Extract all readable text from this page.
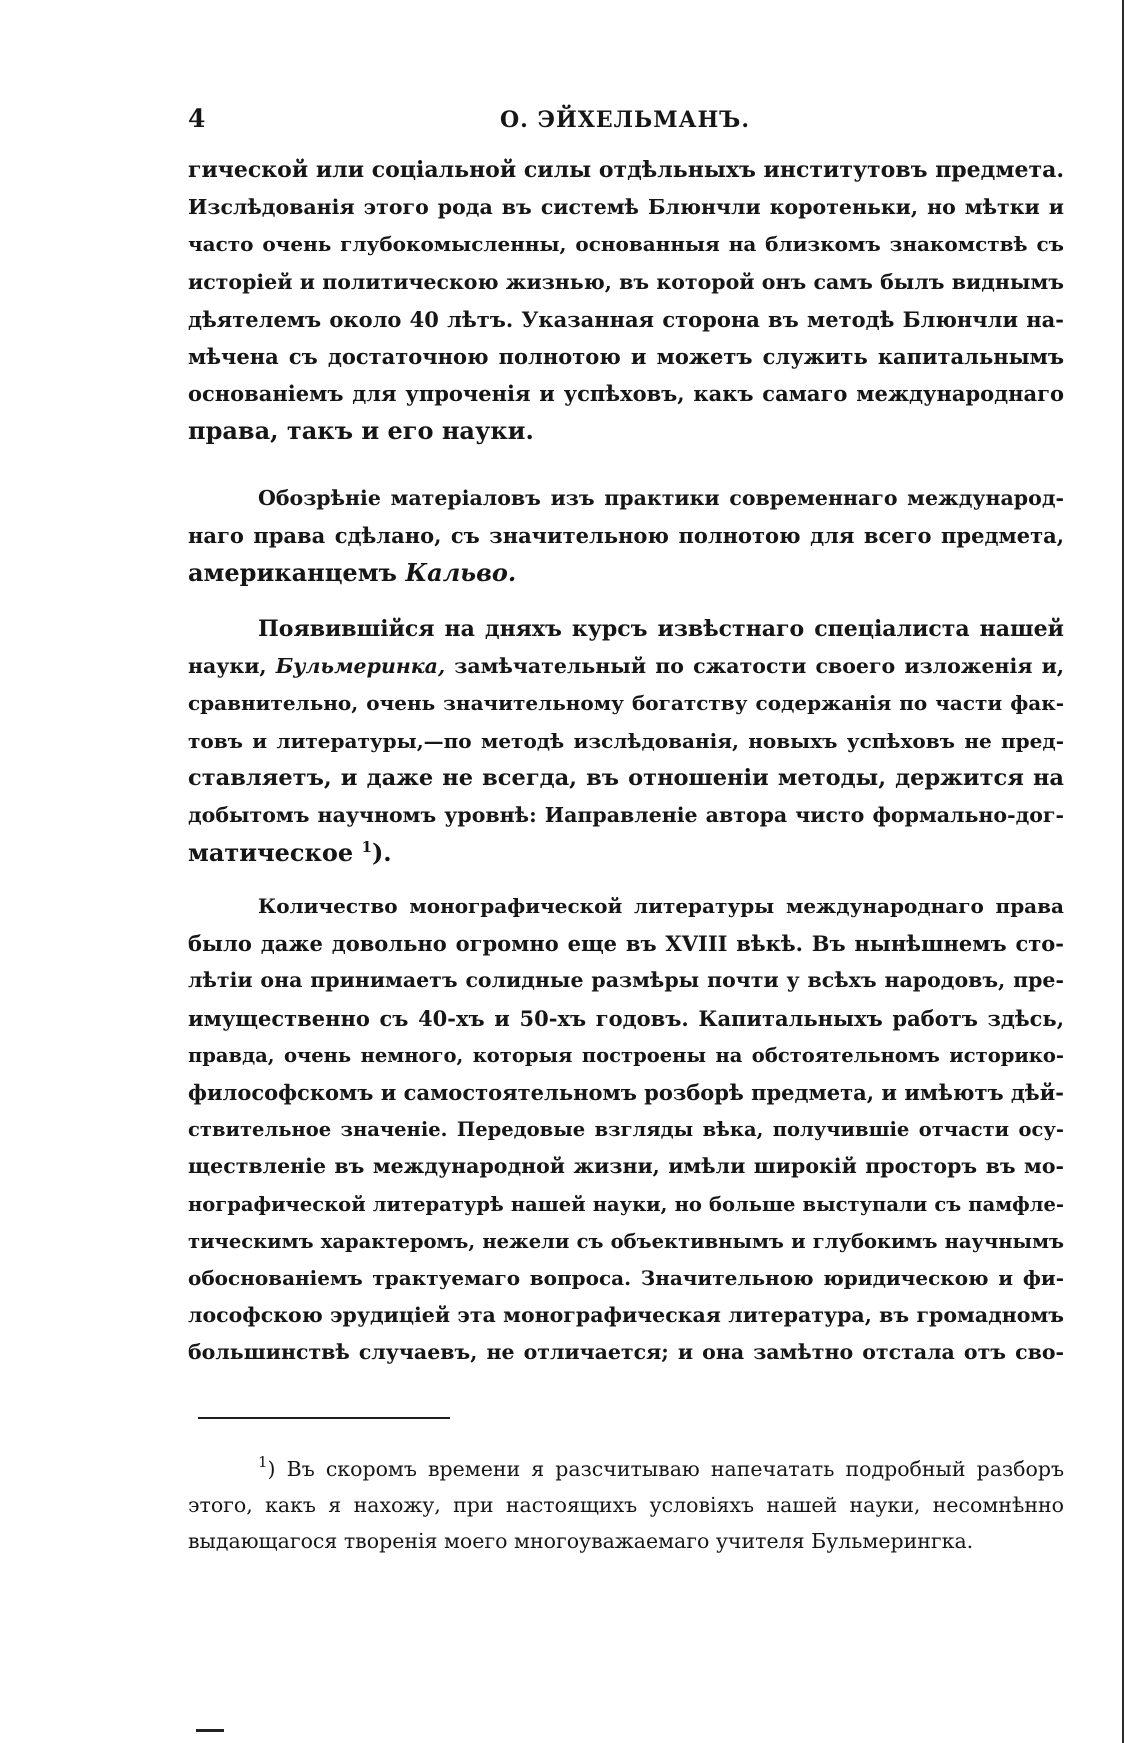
4	О. ЭЙХЕЛЬМАНЪ.

гической или соціальной силы отдѣльныхъ институтовъ предмета.
Изслѣдованія этого рода въ системѣ Блюнчли коротеньки, но мѣтки и
часто очень глубокомысленны, основанныя на близкомъ знакомствѣ съ
исторіей и политическою жизнью, въ которой онъ самъ былъ виднымъ
дѣятелемъ около 40 лѣтъ. Указанная сторона въ методѣ Блюнчли на-
мѣчена съ достаточною полнотою и можетъ служить капитальнымъ
основаніемъ для упроченія и успѣховъ, какъ самаго международнаго
права, такъ и его науки.

Обозрѣніе матеріаловъ изъ практики современнаго международ-
наго права сдѣлано, съ значительною полнотою для всего предмета,
американцемъ Кальво.

Появившійся на дняхъ курсъ извѣстнаго спеціалиста нашей
науки, Бульмеринка, замѣчательный по сжатости своего изложенія и,
сравнительно, очень значительному богатству содержанія по части фак-
товъ и литературы,—по методѣ изслѣдованія, новыхъ успѣховъ не пред-
ставляетъ, и даже не всегда, въ отношеніи методы, держится на
добытомъ научномъ уровнѣ: Иаправленіе автора чисто формально-дог-
матическое $^1$).

Количество монографической литературы международнаго права
было даже довольно огромно еще въ XVIII вѣкѣ. Въ нынѣшнемъ сто-
лѣтіи она принимаетъ солидные размѣры почти у всѣхъ народовъ, пре-
имущественно съ 40-хъ и 50-хъ годовъ. Капитальныхъ работъ здѣсь,
правда, очень немного, которыя построены на обстоятельномъ историко-
философскомъ и самостоятельномъ розборѣ предмета, и имѣютъ дѣй-
ствительное значеніе. Передовые взгляды вѣка, получившіе отчасти осу-
ществленіе въ международной жизни, имѣли широкій просторъ въ мо-
нографической литературѣ нашей науки, но больше выступали съ памфле-
тическимъ характеромъ, нежели съ объективнымъ и глубокимъ научнымъ
обоснованіемъ трактуемаго вопроса. Значительною юридическою и фи-
лософскою эрудиціей эта монографическая литература, въ громадномъ
большинствѣ случаевъ, не отличается; и она замѣтно отстала отъ сво-

$^1$) Въ скоромъ времени я разсчитываю напечатать подробный разборъ
этого, какъ я нахожу, при настоящихъ условіяхъ нашей науки, несомнѣнно
выдающагося творенія моего многоуважаемаго учителя Бульмерингка.
